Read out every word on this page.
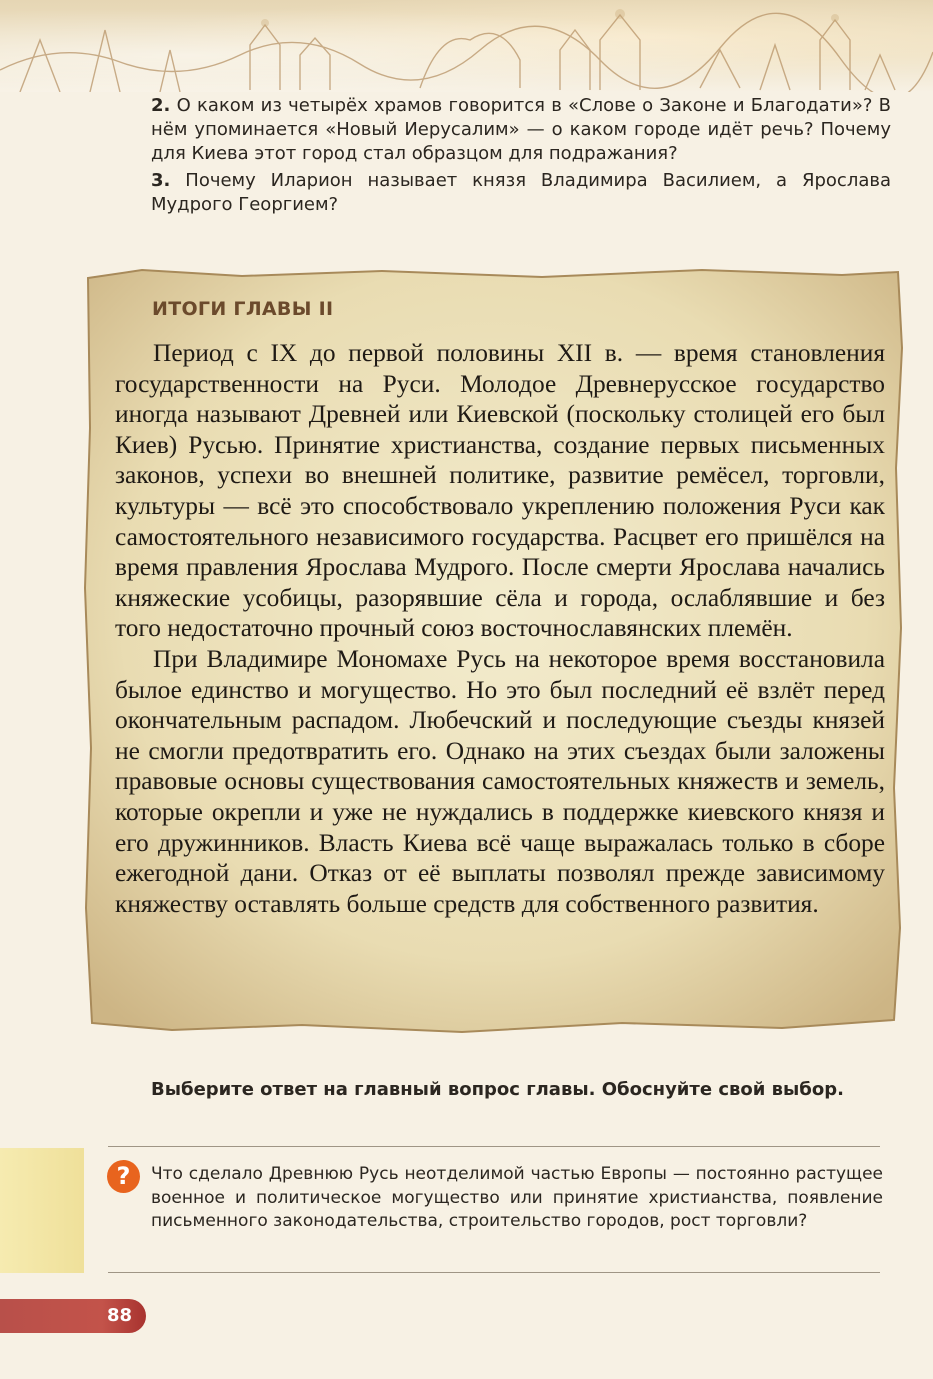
2. О каком из четырёх храмов говорится в «Слове о Законе и Благодати»? В нём упоминается «Новый Иерусалим» — о каком городе идёт речь? Почему для Киева этот город стал образцом для подражания?

3. Почему Иларион называет князя Владимира Василием, а Ярослава Мудрого Георгием?

ИТОГИ ГЛАВЫ II

Период с IX до первой половины XII в. — время становления государственности на Руси. Молодое Древнерусское государство иногда называют Древней или Киевской (поскольку столицей его был Киев) Русью. Принятие христианства, создание первых письменных законов, успехи во внешней политике, развитие ремёсел, торговли, культуры — всё это способствовало укреплению положения Руси как самостоятельного независимого государства. Расцвет его пришёлся на время правления Ярослава Мудрого. После смерти Ярослава начались княжеские усобицы, разорявшие сёла и города, ослаблявшие и без того недостаточно прочный союз восточнославянских племён.

При Владимире Мономахе Русь на некоторое время восстановила былое единство и могущество. Но это был последний её взлёт перед окончательным распадом. Любечский и последующие съезды князей не смогли предотвратить его. Однако на этих съездах были заложены правовые основы существования самостоятельных княжеств и земель, которые окрепли и уже не нуждались в поддержке киевского князя и его дружинников. Власть Киева всё чаще выражалась только в сборе ежегодной дани. Отказ от её выплаты позволял прежде зависимому княжеству оставлять больше средств для собственного развития.

Выберите ответ на главный вопрос главы. Обоснуйте свой выбор.
?	Что сделало Древнюю Русь неотделимой частью Европы — постоянно растущее военное и политическое могущество или принятие христианства, появление письменного законодательства, строительство городов, рост торговли?
88
